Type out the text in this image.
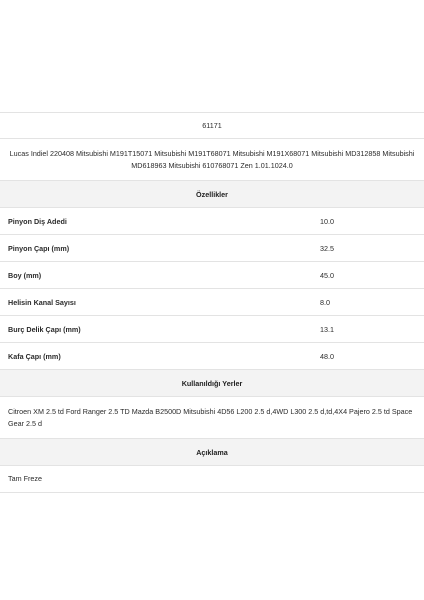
61171
Lucas Indiel 220408 Mitsubishi M191T15071 Mitsubishi M191T68071 Mitsubishi M191X68071 Mitsubishi MD312858 Mitsubishi MD618963 Mitsubishi 610768071 Zen 1.01.1024.0
Özellikler
Pinyon Diş Adedi	10.0
Pinyon Çapı (mm)	32.5
Boy (mm)	45.0
Helisin Kanal Sayısı	8.0
Burç Delik Çapı (mm)	13.1
Kafa Çapı (mm)	48.0
Kullanıldığı Yerler
Citroen XM 2.5 td Ford Ranger 2.5 TD Mazda B2500D Mitsubishi 4D56 L200 2.5 d,4WD L300 2.5 d,td,4X4 Pajero 2.5 td Space Gear 2.5 d
Açıklama
Tam Freze
